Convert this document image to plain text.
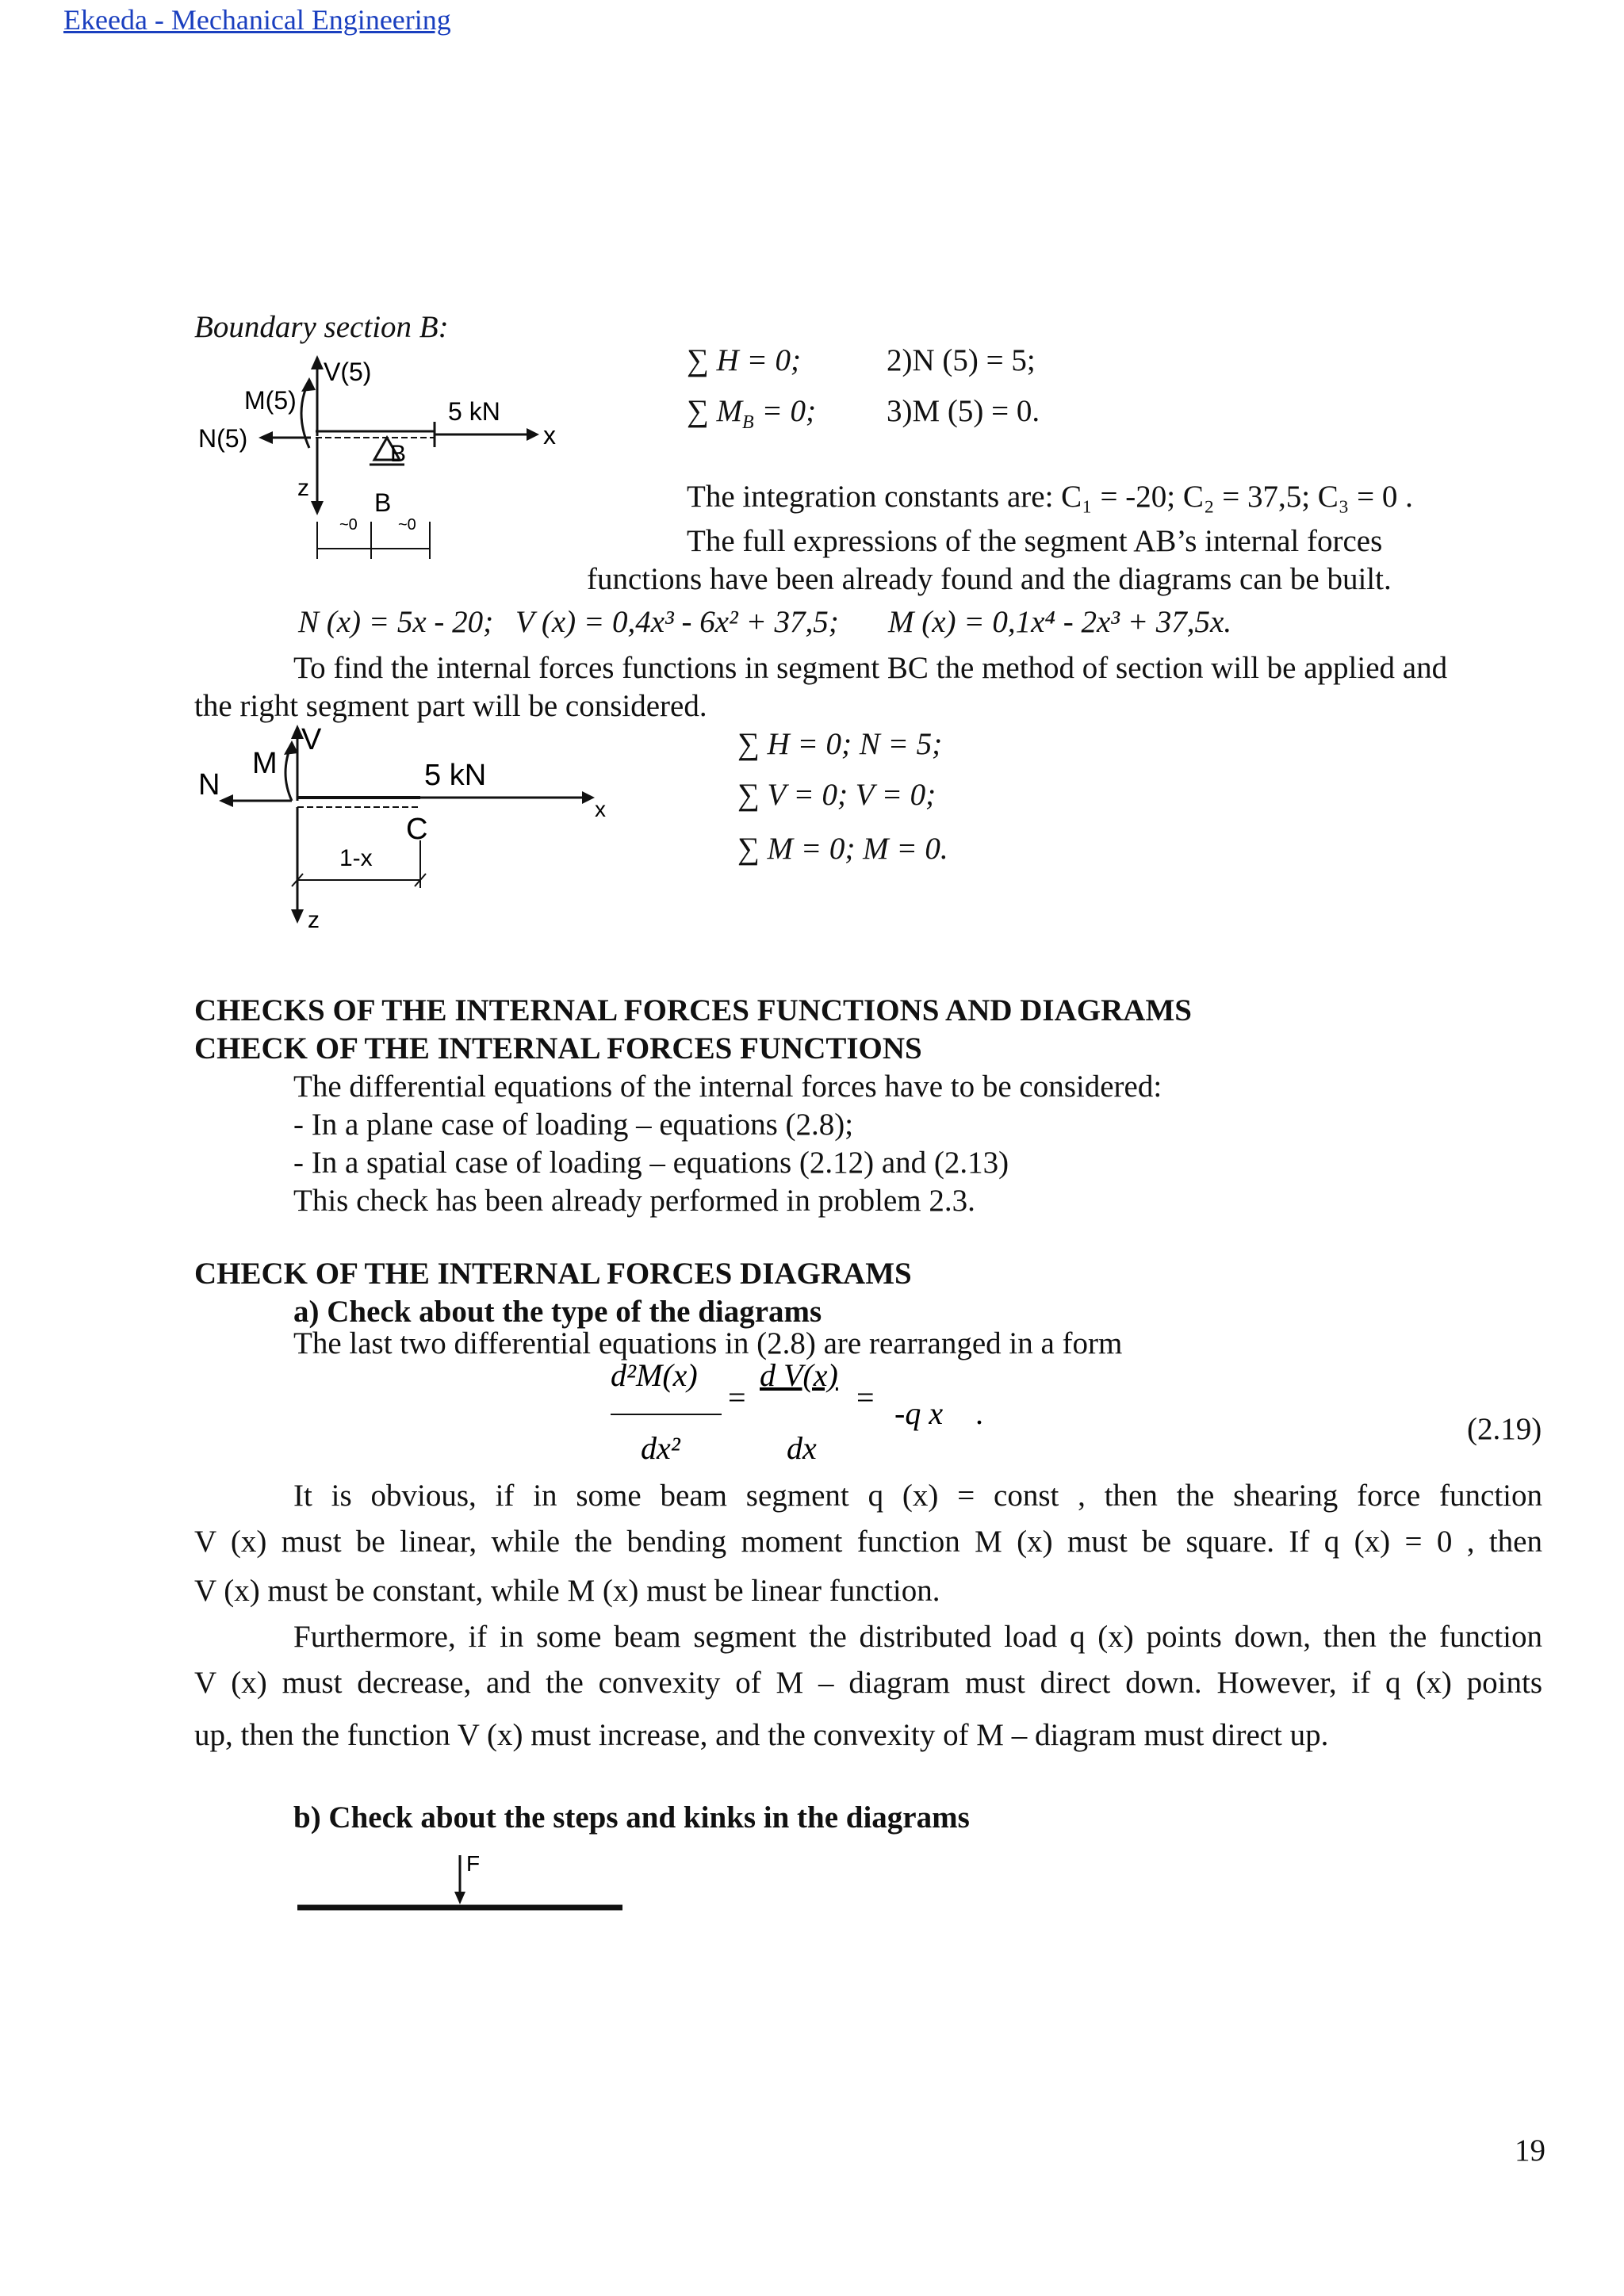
Ekeeda - Mechanical Engineering
Boundary section B:
V(5)
M(5)
N(5)
5 kN
x
B
z
B
~0	~0
∑ H = 0;	2)N (5) = 5;
∑ $M_B = 0$; 3)M (5) = 0.
The integration constants are: C₁ = -20; C₂ = 37,5; C₃ = 0 .
The full expressions of the segment AB’s internal forces
functions have been already found and the diagrams can be built.
N (x) = 5x - 20; V (x) = 0,4x³ - 6x² + 37,5; M (x) = 0,1x⁴ - 2x³ + 37,5x.
To find the internal forces functions in segment BC the method of section will be applied and
the right segment part will be considered.
V
M
N	5 kN
x
C
z
1-x
∑ H = 0; N = 5;
∑ V = 0; V = 0;
∑ M = 0; M = 0.
CHECKS OF THE INTERNAL FORCES FUNCTIONS AND DIAGRAMS
CHECK OF THE INTERNAL FORCES FUNCTIONS
The differential equations of the internal forces have to be considered:
- In a plane case of loading – equations (2.8);
- In a spatial case of loading – equations (2.12) and (2.13)
This check has been already performed in problem 2.3.
CHECK OF THE INTERNAL FORCES DIAGRAMS
a) Check about the type of the diagrams
The last two differential equations in (2.8) are rearranged in a form
d²M(x)
dx²
=
d V(x)
dx
= -q x .	(2.19)
It is obvious, if in some beam segment q (x) = const , then the shearing force function
V (x) must be linear, while the bending moment function M (x) must be square. If q (x) = 0 , then
V (x) must be constant, while M (x) must be linear function.
Furthermore, if in some beam segment the distributed load q (x) points down, then the function
V (x) must decrease, and the convexity of M – diagram must direct down. However, if q (x) points
up, then the function V (x) must increase, and the convexity of M – diagram must direct up.
b) Check about the steps and kinks in the diagrams
F
19
